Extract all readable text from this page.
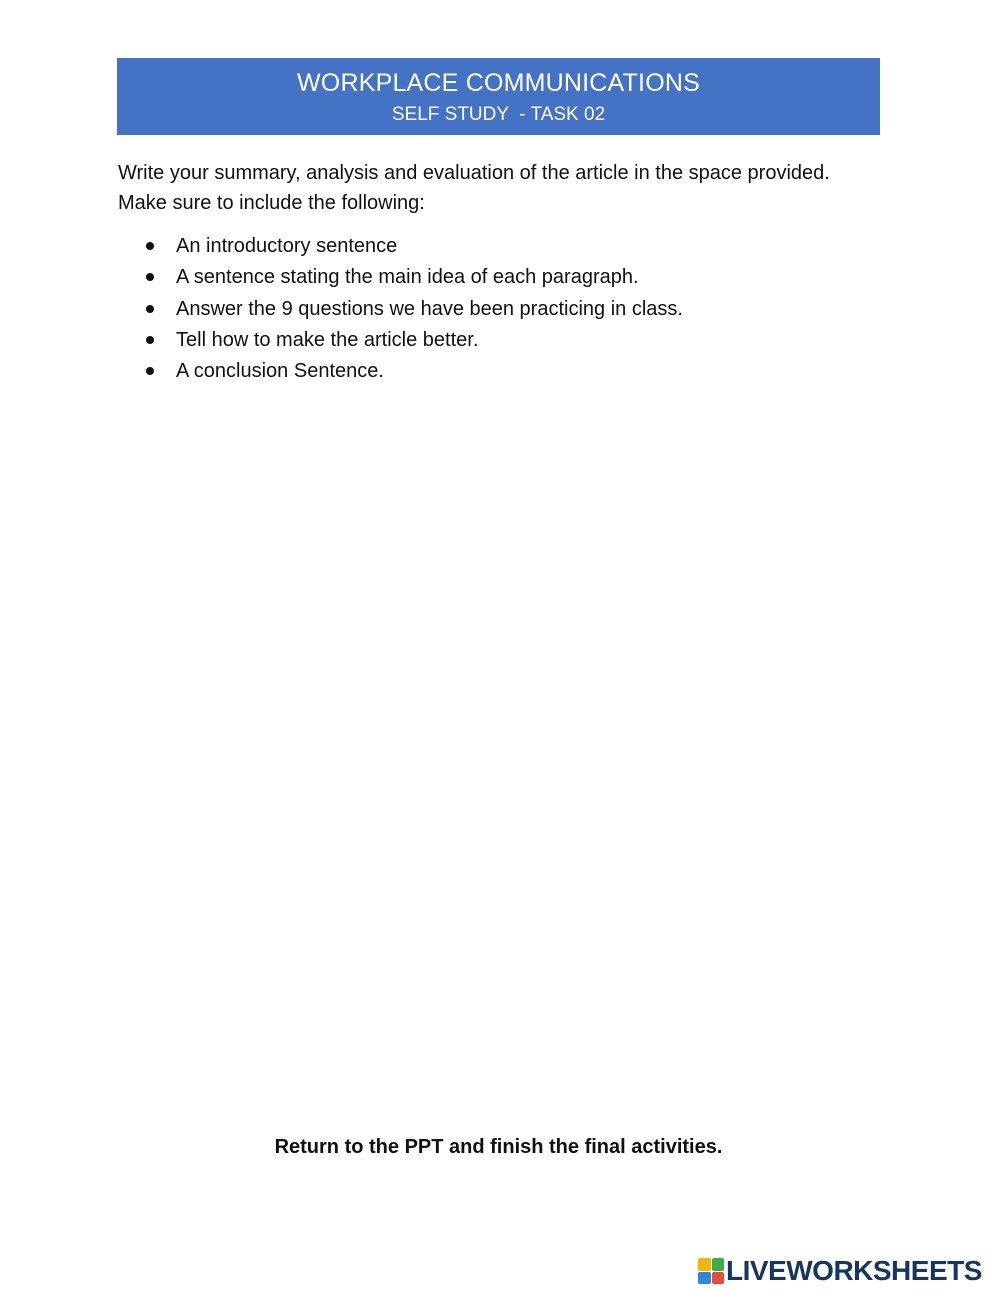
WORKPLACE COMMUNICATIONS
SELF STUDY  - TASK 02

Write your summary, analysis and evaluation of the article in the space provided.
Make sure to include the following:

An introductory sentence
A sentence stating the main idea of each paragraph.
Answer the 9 questions we have been practicing in class.
Tell how to make the article better.
A conclusion Sentence.
Return to the PPT and finish the final activities.
LIVEWORKSHEETS
